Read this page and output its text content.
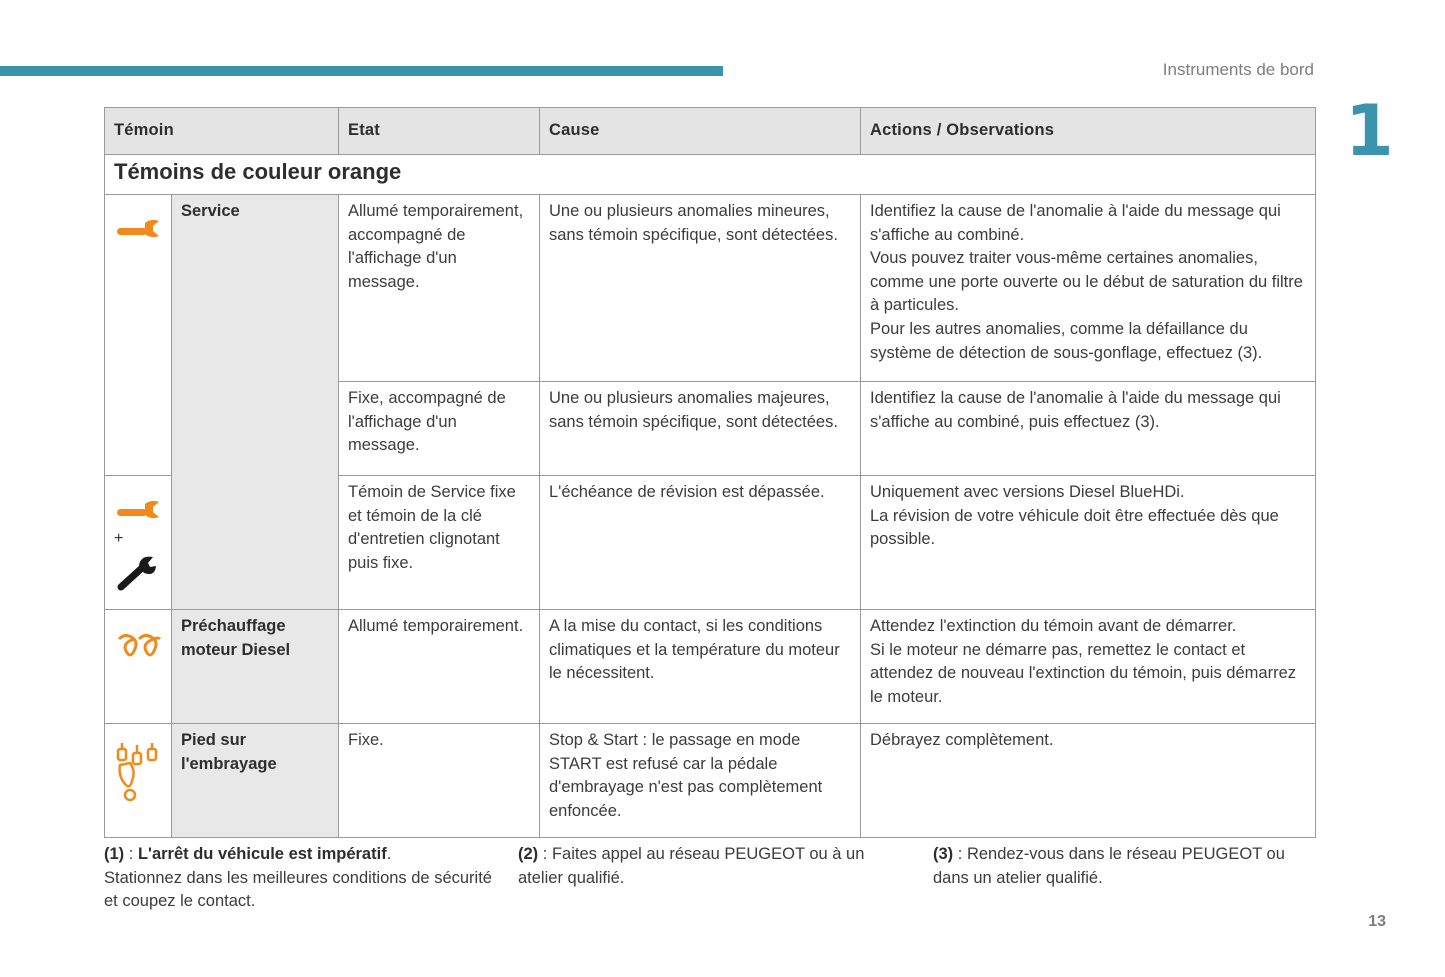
Instruments de bord
1
Témoin		Etat	Cause	Actions / Observations
Témoins de couleur orange				

	Service	Allumé temporairement, accompagné de l'affichage d'un message.	Une ou plusieurs anomalies mineures, sans témoin spécifique, sont détectées.	Identifiez la cause de l'anomalie à l'aide du message qui s'affiche au combiné.
Vous pouvez traiter vous-même certaines anomalies, comme une porte ouverte ou le début de saturation du filtre à particules.
Pour les autres anomalies, comme la défaillance du système de détection de sous-gonflage, effectuez (3).
		Fixe, accompagné de l'affichage d'un message.	Une ou plusieurs anomalies majeures, sans témoin spécifique, sont détectées.	Identifiez la cause de l'anomalie à l'aide du message qui s'affiche au combiné, puis effectuez (3).

+		Témoin de Service fixe et témoin de la clé d'entretien clignotant puis fixe.	L'échéance de révision est dépassée.	Uniquement avec versions Diesel BlueHDi.
La révision de votre véhicule doit être effectuée dès que possible.

	Préchauffage moteur Diesel	Allumé temporairement.	A la mise du contact, si les conditions climatiques et la température du moteur le nécessitent.	Attendez l'extinction du témoin avant de démarrer.
Si le moteur ne démarre pas, remettez le contact et attendez de nouveau l'extinction du témoin, puis démarrez le moteur.

	Pied sur l'embrayage	Fixe.	Stop & Start : le passage en mode START est refusé car la pédale d'embrayage n'est pas complètement enfoncée.	Débrayez complètement.
(1) : L'arrêt du véhicule est impératif.
Stationnez dans les meilleures conditions de sécurité et coupez le contact.
(2) : Faites appel au réseau PEUGEOT ou à un atelier qualifié.
(3) : Rendez-vous dans le réseau PEUGEOT ou dans un atelier qualifié.
13
